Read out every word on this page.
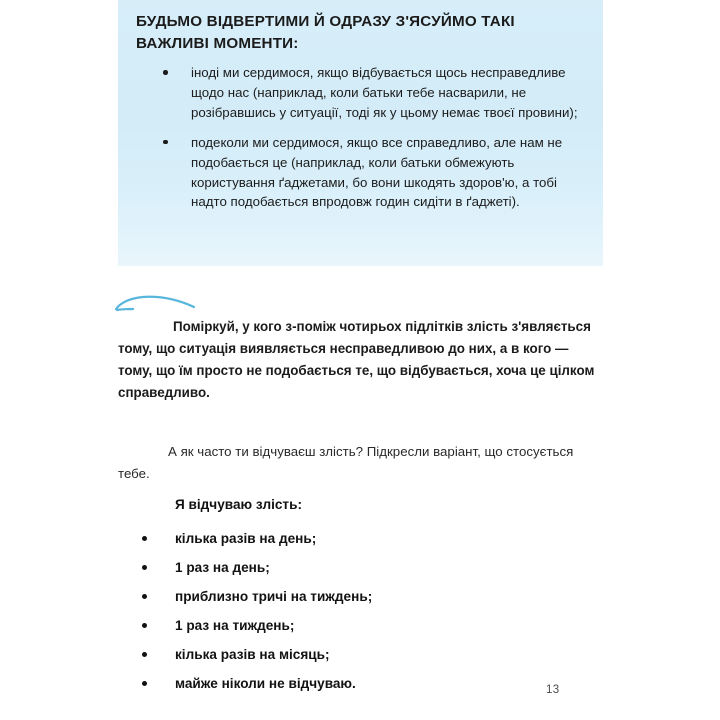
БУДЬМО ВІДВЕРТИМИ Й ОДРАЗУ З'ЯСУЙМО ТАКІ ВАЖЛИВІ МОМЕНТИ:
іноді ми сердимося, якщо відбувається щось несправедливе щодо нас (наприклад, коли батьки тебе насварили, не розібравшись у ситуації, тоді як у цьому немає твоєї провини);
подеколи ми сердимося, якщо все справедливо, але нам не подобається це (наприклад, коли батьки обмежують користування ґаджетами, бо вони шкодять здоров'ю, а тобі надто подобається впродовж годин сидіти в ґаджеті).

Поміркуй, у кого з-поміж чотирьох підлітків злість з'являється тому, що ситуація виявляється несправедливою до них, а в кого — тому, що їм просто не подобається те, що відбувається, хоча це цілком справедливо.

А як часто ти відчуваєш злість? Підкресли варіант, що стосується тебе.

Я відчуваю злість:
кілька разів на день;
1 раз на день;
приблизно тричі на тиждень;
1 раз на тиждень;
кілька разів на місяць;
майже ніколи не відчуваю.	13
